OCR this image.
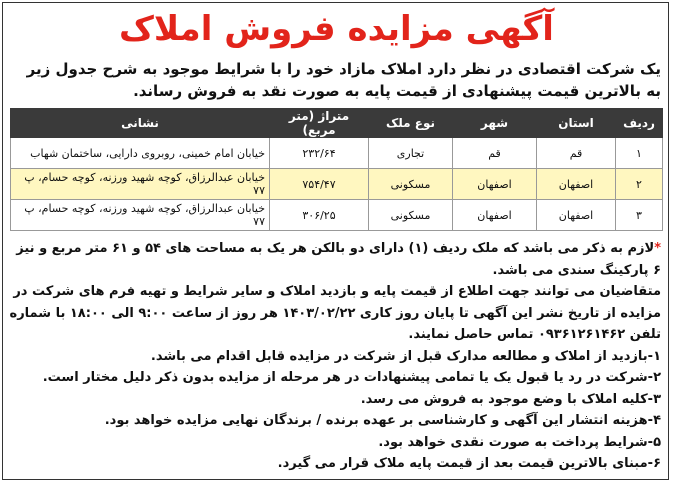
آگهی مزایده فروش املاک
یک شرکت اقتصادی در نظر دارد املاک مازاد خود را با شرایط موجود به شرح جدول زیر به بالاترین قیمت پیشنهادی از قیمت پایه به صورت نقد به فروش رساند.
ردیف	استان	شهر	نوع ملک	متراژ (متر مربع)	نشانی
۱	قم	قم	تجاری	۲۳۲/۶۴	خیابان امام خمینی، روبروی دارایی، ساختمان شهاب
۲	اصفهان	اصفهان	مسکونی	۷۵۴/۴۷	خیابان عبدالرزاق، کوچه شهید ورزنه، کوچه حسام، پ ۷۷
۳	اصفهان	اصفهان	مسکونی	۳۰۶/۲۵	خیابان عبدالرزاق، کوچه شهید ورزنه، کوچه حسام، پ ۷۷

*لازم به ذکر می باشد که ملک ردیف (۱) دارای دو بالکن هر یک به مساحت های ۵۴ و ۶۱ متر مربع و نیز ۶ پارکینگ سندی می باشد.

متقاضیان می توانند جهت اطلاع از قیمت پایه و بازدید املاک و سایر شرایط و تهیه فرم های شرکت در مزایده از تاریخ نشر این آگهی تا پایان روز کاری ۱۴۰۳/۰۲/۲۲ هر روز از ساعت ۹:۰۰ الی ۱۸:۰۰ با شماره تلفن ۰۹۳۶۱۲۶۱۴۶۲ تماس حاصل نمایند.

۱-بازدید از املاک و مطالعه مدارک قبل از شرکت در مزایده قابل اقدام می باشد.

۲-شرکت در رد یا قبول یک یا تمامی پیشنهادات در هر مرحله از مزایده بدون ذکر دلیل مختار است.

۳-کلیه املاک با وضع موجود به فروش می رسد.

۴-هزینه انتشار این آگهی و کارشناسی بر عهده برنده / برندگان نهایی مزایده خواهد بود.

۵-شرایط پرداخت به صورت نقدی خواهد بود.

۶-مبنای بالاترین قیمت بعد از قیمت پایه ملاک قرار می گیرد.
